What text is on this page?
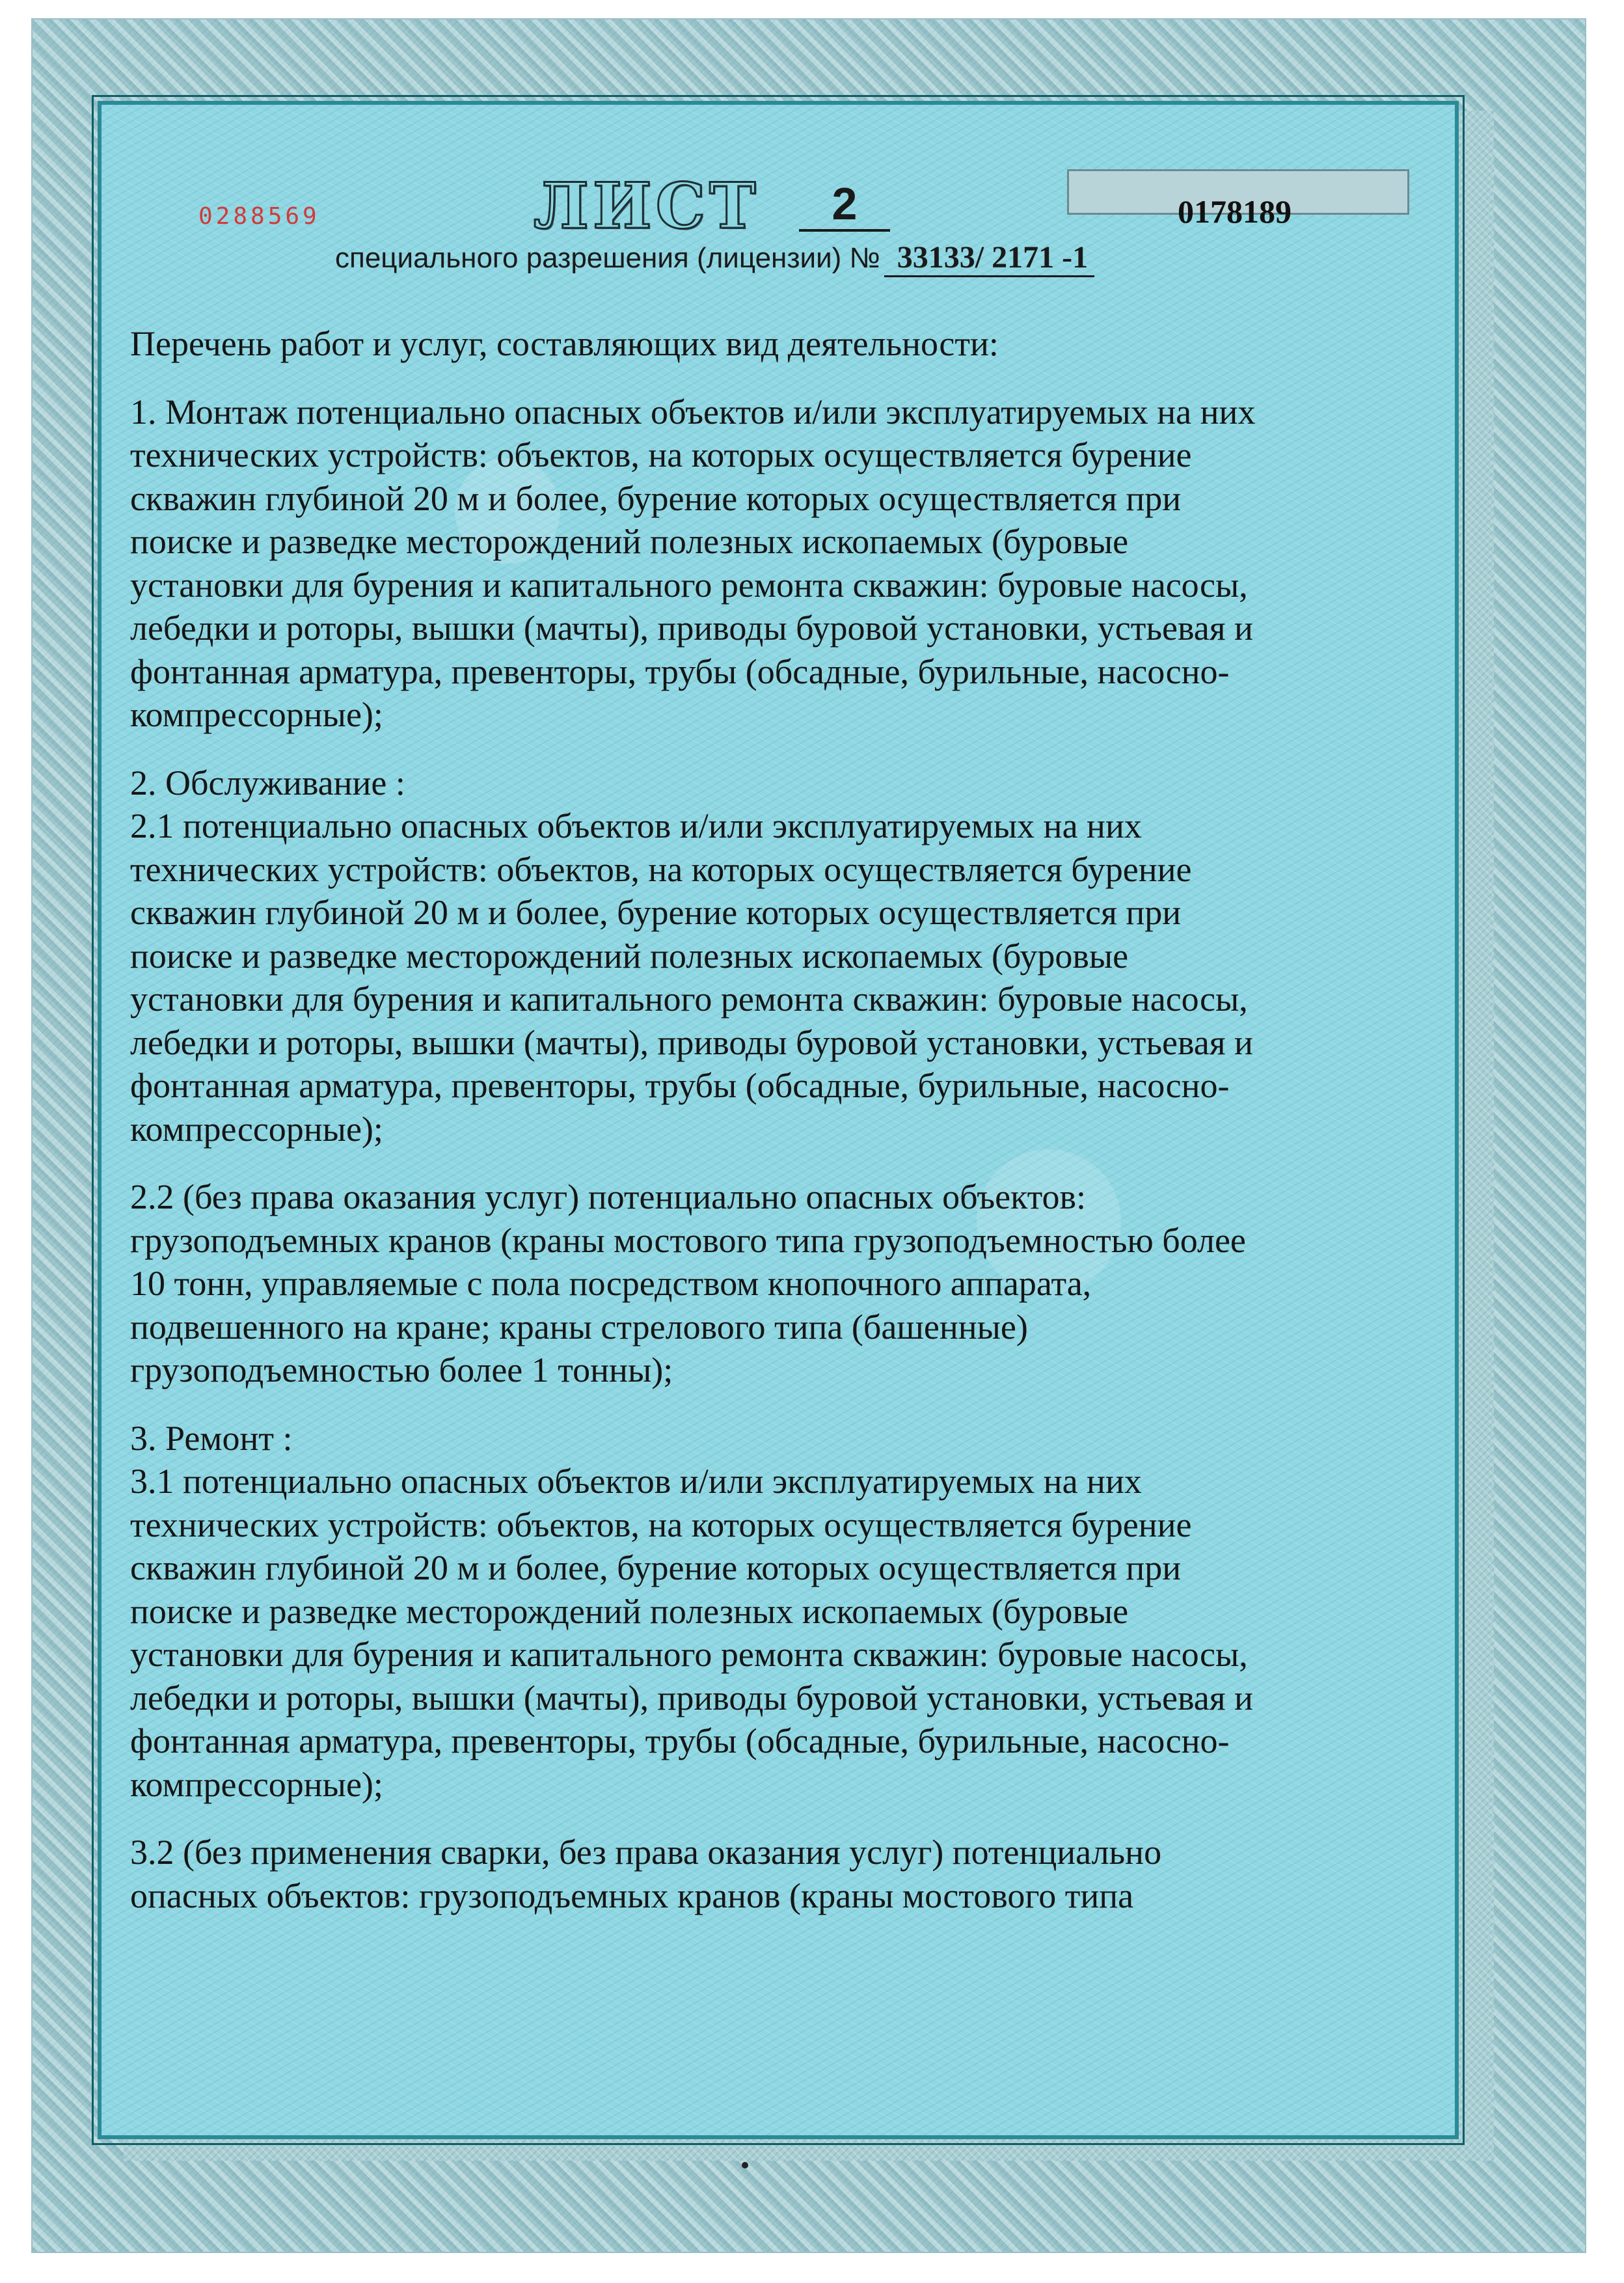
0288569	ЛИСТ	2	0178189
специального разрешения (лицензии) № 33133/ 2171 -1

Перечень работ и услуг, составляющих вид деятельности:

1. Монтаж потенциально опасных объектов и/или эксплуатируемых на них
технических устройств: объектов, на которых осуществляется бурение
скважин глубиной 20 м и более, бурение которых осуществляется при
поиске и разведке месторождений полезных ископаемых (буровые
установки для бурения и капитального ремонта скважин: буровые насосы,
лебедки и роторы, вышки (мачты), приводы буровой установки, устьевая и
фонтанная арматура, превенторы, трубы (обсадные, бурильные, насосно-
компрессорные);

2. Обслуживание :

2.1 потенциально опасных объектов и/или эксплуатируемых на них
технических устройств: объектов, на которых осуществляется бурение
скважин глубиной 20 м и более, бурение которых осуществляется при
поиске и разведке месторождений полезных ископаемых (буровые
установки для бурения и капитального ремонта скважин: буровые насосы,
лебедки и роторы, вышки (мачты), приводы буровой установки, устьевая и
фонтанная арматура, превенторы, трубы (обсадные, бурильные, насосно-
компрессорные);

2.2 (без права оказания услуг) потенциально опасных объектов:
грузоподъемных кранов (краны мостового типа грузоподъемностью более
10 тонн, управляемые с пола посредством кнопочного аппарата,
подвешенного на кране; краны стрелового типа (башенные)
грузоподъемностью более 1 тонны);

3. Ремонт :

3.1 потенциально опасных объектов и/или эксплуатируемых на них
технических устройств: объектов, на которых осуществляется бурение
скважин глубиной 20 м и более, бурение которых осуществляется при
поиске и разведке месторождений полезных ископаемых (буровые
установки для бурения и капитального ремонта скважин: буровые насосы,
лебедки и роторы, вышки (мачты), приводы буровой установки, устьевая и
фонтанная арматура, превенторы, трубы (обсадные, бурильные, насосно-
компрессорные);

3.2 (без применения сварки, без права оказания услуг) потенциально
опасных объектов: грузоподъемных кранов (краны мостового типа
